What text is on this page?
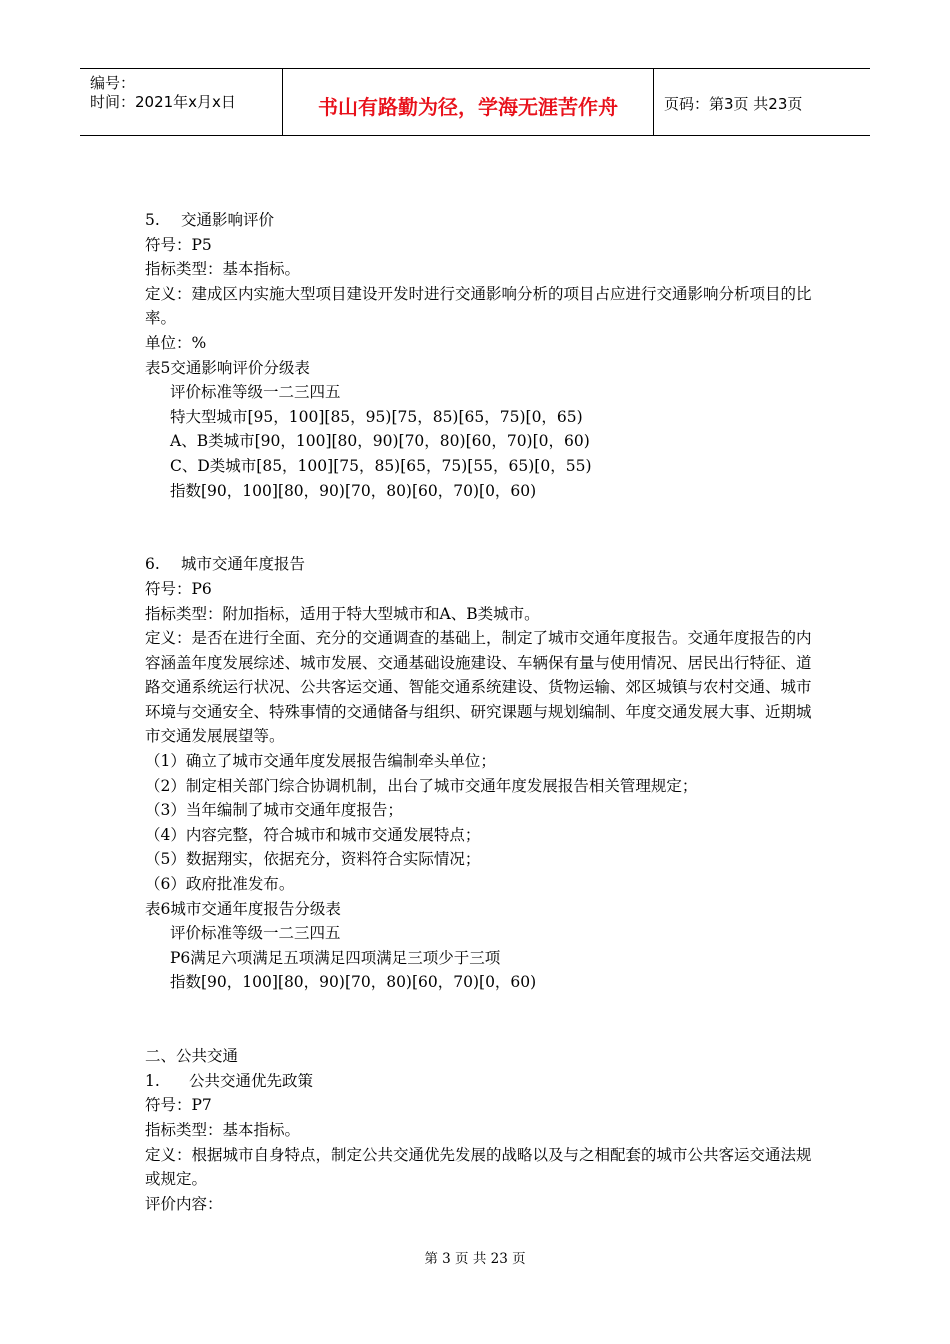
编号：
时间：2021年x月x日	书山有路勤为径，学海无涯苦作舟	页码：第3页 共23页
5. 交通影响评价
符号：P5
指标类型：基本指标。
定义：建成区内实施大型项目建设开发时进行交通影响分析的项目占应进行交通影响分析项目的比率。
单位：%
表5交通影响评价分级表
评价标准等级一二三四五
特大型城市[95，100][85，95)[75，85)[65，75)[0，65)
A、B类城市[90，100][80，90)[70，80)[60，70)[0，60)
C、D类城市[85，100][75，85)[65，75)[55，65)[0，55)
指数[90，100][80，90)[70，80)[60，70)[0，60)
6. 城市交通年度报告
符号：P6
指标类型：附加指标，适用于特大型城市和A、B类城市。
定义：是否在进行全面、充分的交通调查的基础上，制定了城市交通年度报告。交通年度报告的内容涵盖年度发展综述、城市发展、交通基础设施建设、车辆保有量与使用情况、居民出行特征、道路交通系统运行状况、公共客运交通、智能交通系统建设、货物运输、郊区城镇与农村交通、城市环境与交通安全、特殊事情的交通储备与组织、研究课题与规划编制、年度交通发展大事、近期城市交通发展展望等。
（1）确立了城市交通年度发展报告编制牵头单位；
（2）制定相关部门综合协调机制，出台了城市交通年度发展报告相关管理规定；
（3）当年编制了城市交通年度报告；
（4）内容完整，符合城市和城市交通发展特点；
（5）数据翔实，依据充分，资料符合实际情况；
（6）政府批准发布。
表6城市交通年度报告分级表
评价标准等级一二三四五
P6满足六项满足五项满足四项满足三项少于三项
指数[90，100][80，90)[70，80)[60，70)[0，60)
二、公共交通
1. 公共交通优先政策
符号：P7
指标类型：基本指标。
定义：根据城市自身特点，制定公共交通优先发展的战略以及与之相配套的城市公共客运交通法规或规定。
评价内容：
第 3 页 共 23 页
